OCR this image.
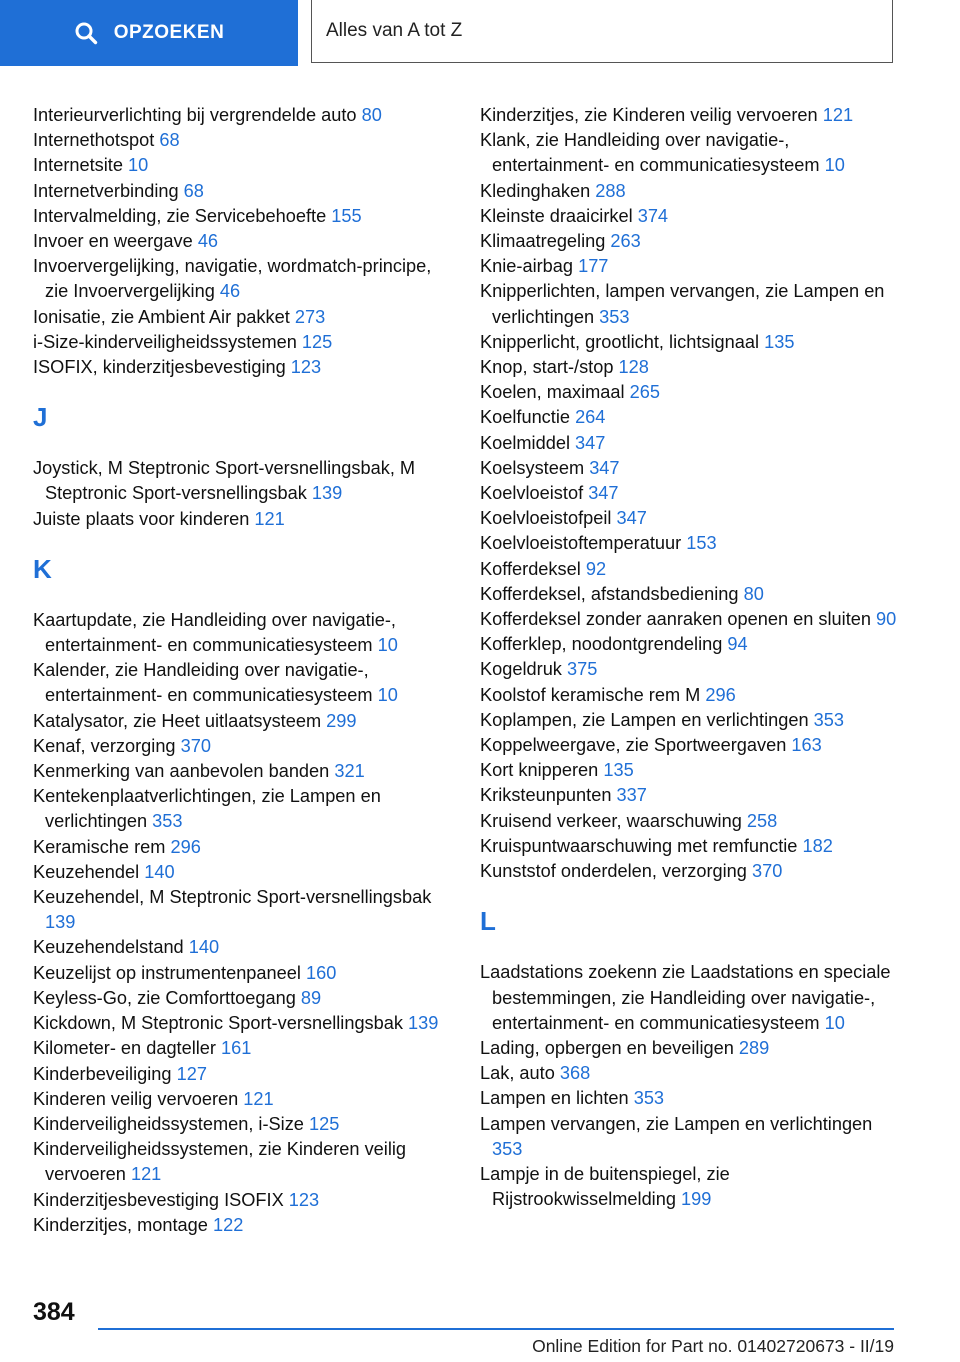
OPZOEKEN	Alles van A tot Z
Interieurverlichting bij vergrendelde auto 80
Internethotspot 68
Internetsite 10
Internetverbinding 68
Intervalmelding, zie Servicebehoefte 155
Invoer en weergave 46
Invoervergelijking, navigatie, wordmatch-principe, zie Invoervergelijking 46
Ionisatie, zie Ambient Air pakket 273
i-Size-kinderveiligheidssystemen 125
ISOFIX, kinderzitjesbevestiging 123
J
Joystick, M Steptronic Sport-versnellingsbak, M Steptronic Sport-versnellingsbak 139
Juiste plaats voor kinderen 121
K
Kaartupdate, zie Handleiding over navigatie-, entertainment- en communicatiesysteem 10
Kalender, zie Handleiding over navigatie-, entertainment- en communicatiesysteem 10
Katalysator, zie Heet uitlaatsysteem 299
Kenaf, verzorging 370
Kenmerking van aanbevolen banden 321
Kentekenplaatverlichtingen, zie Lampen en verlichtingen 353
Keramische rem 296
Keuzehendel 140
Keuzehendel, M Steptronic Sport-versnellingsbak 139
Keuzehendelstand 140
Keuzelijst op instrumentenpaneel 160
Keyless-Go, zie Comforttoegang 89
Kickdown, M Steptronic Sport-versnellingsbak 139
Kilometer- en dagteller 161
Kinderbeveiliging 127
Kinderen veilig vervoeren 121
Kinderveiligheidssystemen, i-Size 125
Kinderveiligheidssystemen, zie Kinderen veilig vervoeren 121
Kinderzitjesbevestiging ISOFIX 123
Kinderzitjes, montage 122
Kinderzitjes, zie Kinderen veilig vervoeren 121
Klank, zie Handleiding over navigatie-, entertainment- en communicatiesysteem 10
Kledinghaken 288
Kleinste draaicirkel 374
Klimaatregeling 263
Knie-airbag 177
Knipperlichten, lampen vervangen, zie Lampen en verlichtingen 353
Knipperlicht, grootlicht, lichtsignaal 135
Knop, start-/stop 128
Koelen, maximaal 265
Koelfunctie 264
Koelmiddel 347
Koelsysteem 347
Koelvloeistof 347
Koelvloeistofpeil 347
Koelvloeistoftemperatuur 153
Kofferdeksel 92
Kofferdeksel, afstandsbediening 80
Kofferdeksel zonder aanraken openen en sluiten 90
Kofferklep, noodontgrendeling 94
Kogeldruk 375
Koolstof keramische rem M 296
Koplampen, zie Lampen en verlichtingen 353
Koppelweergave, zie Sportweergaven 163
Kort knipperen 135
Kriksteunpunten 337
Kruisend verkeer, waarschuwing 258
Kruispuntwaarschuwing met remfunctie 182
Kunststof onderdelen, verzorging 370
L
Laadstations zoekenn zie Laadstations en speciale bestemmingen, zie Handleiding over navigatie-, entertainment- en communicatiesysteem 10
Lading, opbergen en beveiligen 289
Lak, auto 368
Lampen en lichten 353
Lampen vervangen, zie Lampen en verlichtingen 353
Lampje in de buitenspiegel, zie Rijstrookwisselmelding 199
384
Online Edition for Part no. 01402720673 - II/19
